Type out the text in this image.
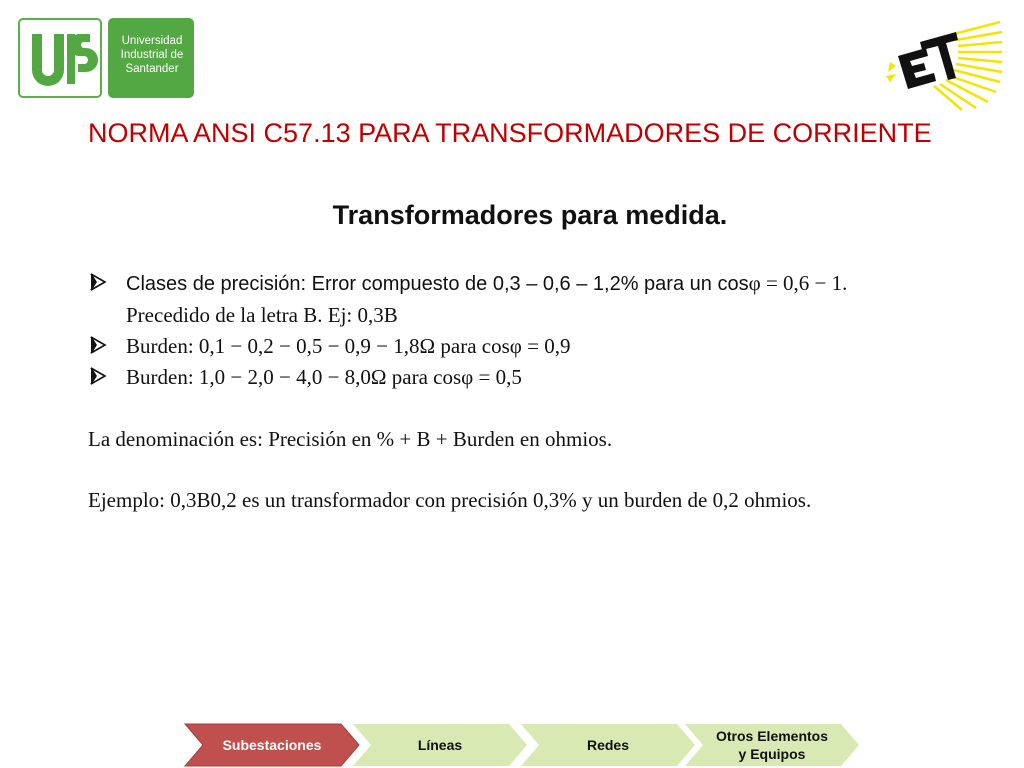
Universidad
Industrial de
Santander
NORMA ANSI C57.13 PARA TRANSFORMADORES DE CORRIENTE
Transformadores para medida.
Clases de precisión: Error compuesto de 0,3 – 0,6 – 1,2% para un cosφ = 0,6 − 1.
Precedido de la letra B. Ej: 0,3B
Burden: 0,1 − 0,2 − 0,5 − 0,9 − 1,8Ω para cosφ = 0,9
Burden: 1,0 − 2,0 − 4,0 − 8,0Ω para cosφ = 0,5
La denominación es: Precisión en % + B + Burden en ohmios.
Ejemplo: 0,3B0,2 es un transformador con precisión 0,3% y un burden de 0,2 ohmios.
Subestaciones	Líneas	Redes
Otros Elementos
y Equipos
